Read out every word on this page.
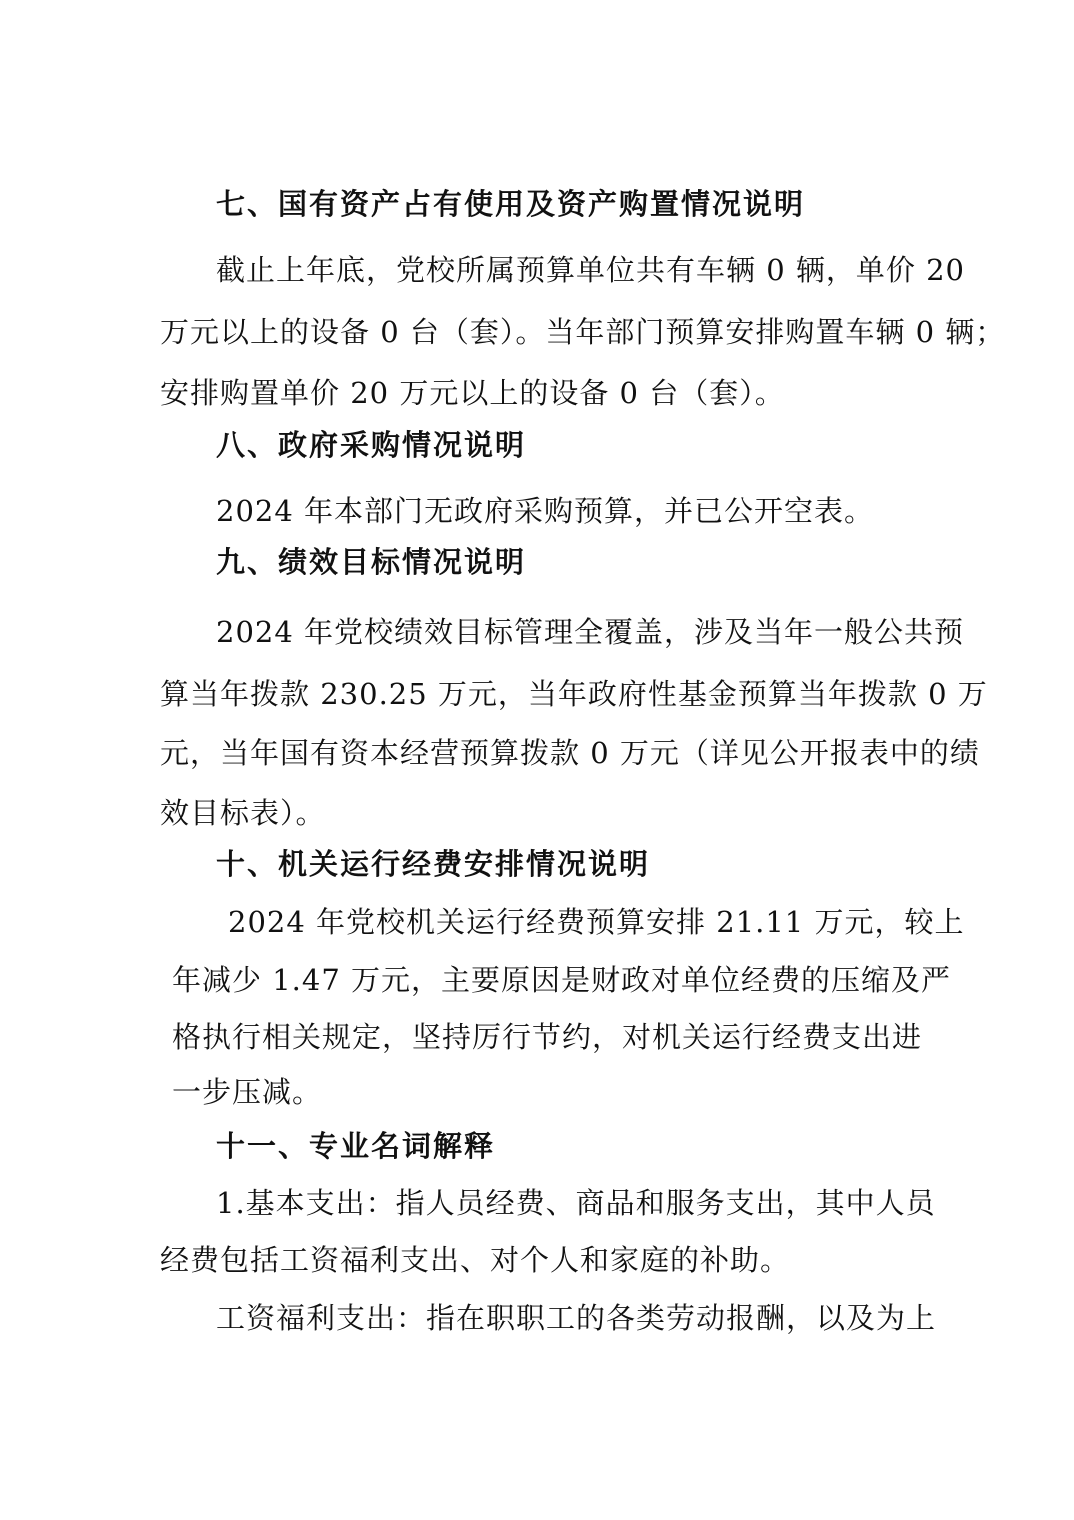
七、国有资产占有使用及资产购置情况说明
截止上年底，党校所属预算单位共有车辆 0 辆，单价 20
万元以上的设备 0 台（套）。当年部门预算安排购置车辆 0 辆；
安排购置单价 20 万元以上的设备 0 台（套）。
八、政府采购情况说明
2024 年本部门无政府采购预算，并已公开空表。
九、绩效目标情况说明
2024 年党校绩效目标管理全覆盖，涉及当年一般公共预
算当年拨款 230.25 万元，当年政府性基金预算当年拨款 0 万
元，当年国有资本经营预算拨款 0 万元（详见公开报表中的绩
效目标表）。
十、机关运行经费安排情况说明
2024 年党校机关运行经费预算安排 21.11 万元，较上
年减少 1.47 万元，主要原因是财政对单位经费的压缩及严
格执行相关规定，坚持厉行节约，对机关运行经费支出进
一步压减。
十一、专业名词解释
1.基本支出：指人员经费、商品和服务支出，其中人员
经费包括工资福利支出、对个人和家庭的补助。
工资福利支出：指在职职工的各类劳动报酬，以及为上
